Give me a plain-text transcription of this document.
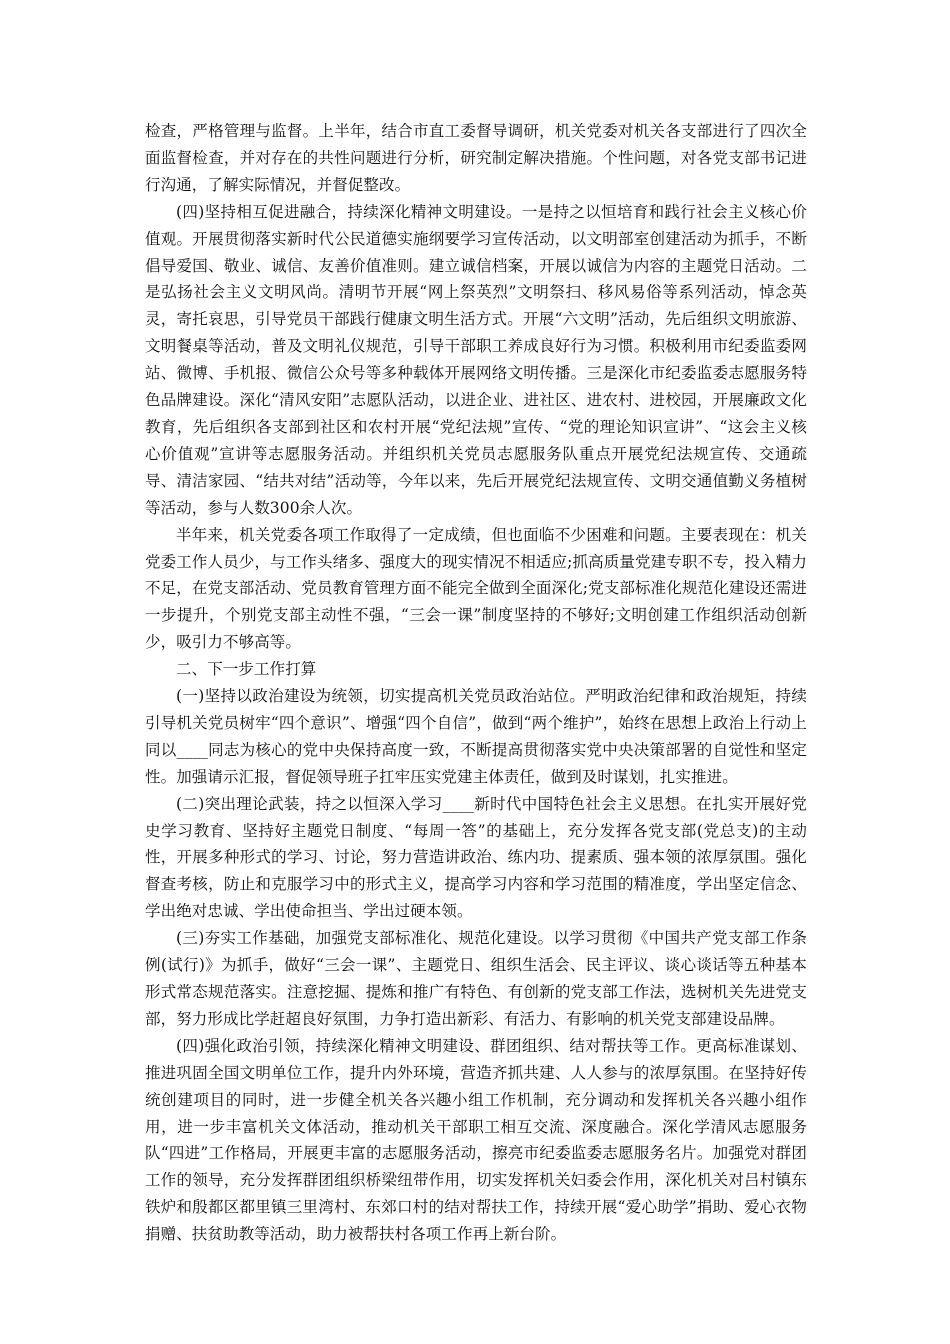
检查，严格管理与监督。上半年，结合市直工委督导调研，机关党委对机关各支部进行了四次全面监督检查，并对存在的共性问题进行分析，研究制定解决措施。个性问题，对各党支部书记进行沟通，了解实际情况，并督促整改。

(四)坚持相互促进融合，持续深化精神文明建设。一是持之以恒培育和践行社会主义核心价值观。开展贯彻落实新时代公民道德实施纲要学习宣传活动，以文明部室创建活动为抓手，不断倡导爱国、敬业、诚信、友善价值准则。建立诚信档案，开展以诚信为内容的主题党日活动。二是弘扬社会主义文明风尚。清明节开展“网上祭英烈”文明祭扫、移风易俗等系列活动，悼念英灵，寄托哀思，引导党员干部践行健康文明生活方式。开展“六文明”活动，先后组织文明旅游、文明餐桌等活动，普及文明礼仪规范，引导干部职工养成良好行为习惯。积极利用市纪委监委网站、微博、手机报、微信公众号等多种载体开展网络文明传播。三是深化市纪委监委志愿服务特色品牌建设。深化“清风安阳”志愿队活动，以进企业、进社区、进农村、进校园，开展廉政文化教育，先后组织各支部到社区和农村开展“党纪法规”宣传、“党的理论知识宣讲”、“这会主义核心价值观”宣讲等志愿服务活动。并组织机关党员志愿服务队重点开展党纪法规宣传、交通疏导、清洁家园、“结共对结”活动等，今年以来，先后开展党纪法规宣传、文明交通值勤义务植树等活动，参与人数300余人次。

半年来，机关党委各项工作取得了一定成绩，但也面临不少困难和问题。主要表现在：机关党委工作人员少，与工作头绪多、强度大的现实情况不相适应;抓高质量党建专职不专，投入精力不足，在党支部活动、党员教育管理方面不能完全做到全面深化;党支部标准化规范化建设还需进一步提升，个别党支部主动性不强，“三会一课”制度坚持的不够好;文明创建工作组织活动创新少，吸引力不够高等。

二、下一步工作打算

(一)坚持以政治建设为统领，切实提高机关党员政治站位。严明政治纪律和政治规矩，持续引导机关党员树牢“四个意识”、增强“四个自信”，做到“两个维护”，始终在思想上政治上行动上同以____同志为核心的党中央保持高度一致，不断提高贯彻落实党中央决策部署的自觉性和坚定性。加强请示汇报，督促领导班子扛牢压实党建主体责任，做到及时谋划，扎实推进。

(二)突出理论武装，持之以恒深入学习____新时代中国特色社会主义思想。在扎实开展好党史学习教育、坚持好主题党日制度、“每周一答”的基础上，充分发挥各党支部(党总支)的主动性，开展多种形式的学习、讨论，努力营造讲政治、练内功、提素质、强本领的浓厚氛围。强化督查考核，防止和克服学习中的形式主义，提高学习内容和学习范围的精准度，学出坚定信念、学出绝对忠诚、学出使命担当、学出过硬本领。

(三)夯实工作基础，加强党支部标准化、规范化建设。以学习贯彻《中国共产党支部工作条例(试行)》为抓手，做好“三会一课”、主题党日、组织生活会、民主评议、谈心谈话等五种基本形式常态规范落实。注意挖掘、提炼和推广有特色、有创新的党支部工作法，选树机关先进党支部，努力形成比学赶超良好氛围，力争打造出新彩、有活力、有影响的机关党支部建设品牌。

(四)强化政治引领，持续深化精神文明建设、群团组织、结对帮扶等工作。更高标准谋划、推进巩固全国文明单位工作，提升内外环境，营造齐抓共建、人人参与的浓厚氛围。在坚持好传统创建项目的同时，进一步健全机关各兴趣小组工作机制，充分调动和发挥机关各兴趣小组作用，进一步丰富机关文体活动，推动机关干部职工相互交流、深度融合。深化学清风志愿服务队“四进”工作格局，开展更丰富的志愿服务活动，擦亮市纪委监委志愿服务名片。加强党对群团工作的领导，充分发挥群团组织桥梁纽带作用，切实发挥机关妇委会作用，深化机关对吕村镇东铁炉和殷都区都里镇三里湾村、东郊口村的结对帮扶工作，持续开展“爱心助学”捐助、爱心衣物捐赠、扶贫助教等活动，助力被帮扶村各项工作再上新台阶。
